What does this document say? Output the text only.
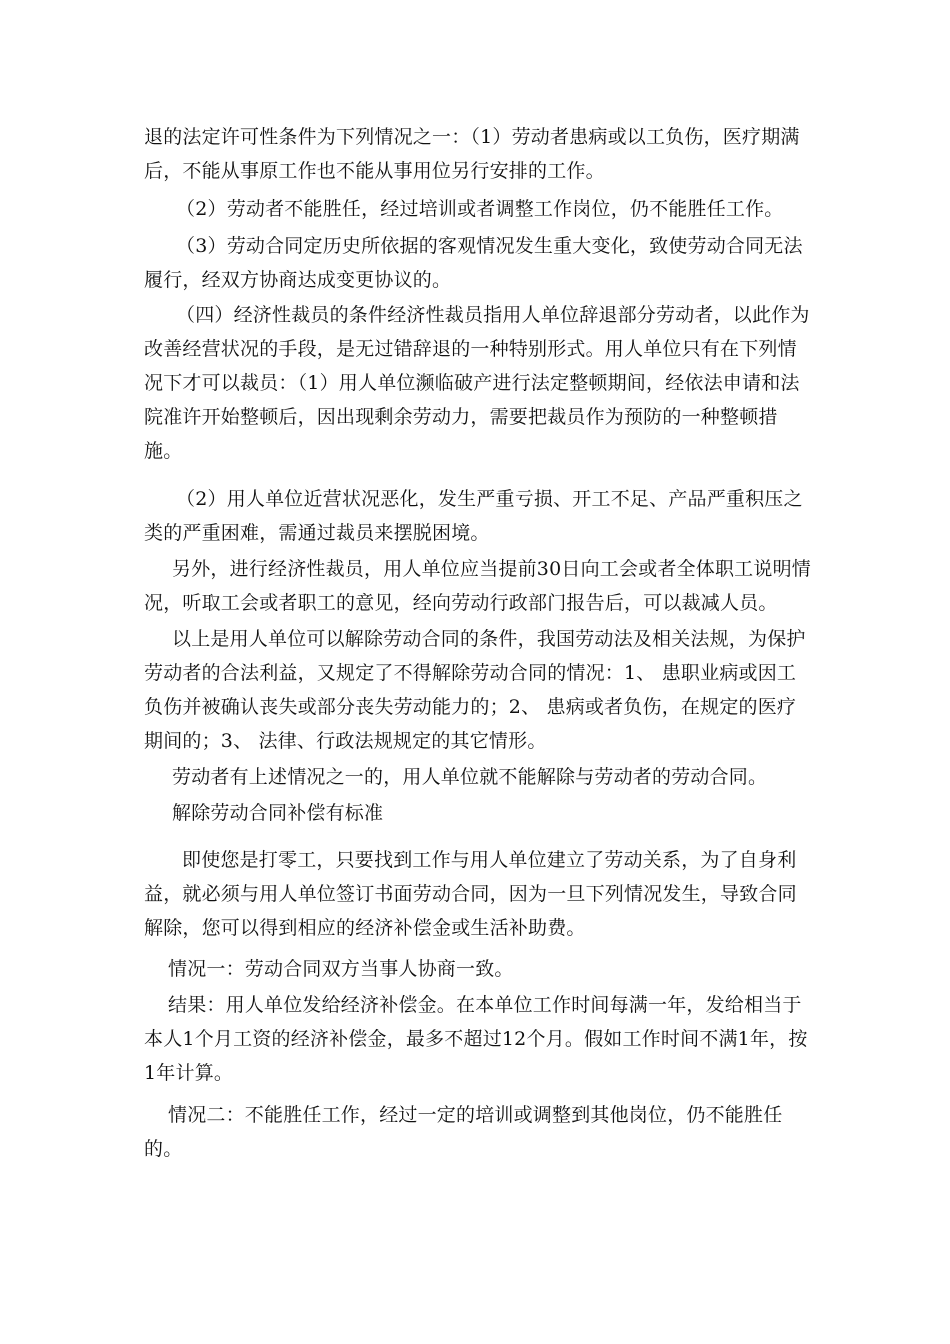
退的法定许可性条件为下列情况之一：（1）劳动者患病或以工负伤，医疗期满后，不能从事原工作也不能从事用位另行安排的工作。

（2）劳动者不能胜任，经过培训或者调整工作岗位，仍不能胜任工作。

（3）劳动合同定历史所依据的客观情况发生重大变化，致使劳动合同无法履行，经双方协商达成变更协议的。

（四）经济性裁员的条件经济性裁员指用人单位辞退部分劳动者，以此作为改善经营状况的手段，是无过错辞退的一种特别形式。用人单位只有在下列情况下才可以裁员：（1）用人单位濒临破产进行法定整顿期间，经依法申请和法院准许开始整顿后，因出现剩余劳动力，需要把裁员作为预防的一种整顿措施。

（2）用人单位近营状况恶化，发生严重亏损、开工不足、产品严重积压之类的严重困难，需通过裁员来摆脱困境。

另外，进行经济性裁员，用人单位应当提前30日向工会或者全体职工说明情况，听取工会或者职工的意见，经向劳动行政部门报告后，可以裁减人员。

以上是用人单位可以解除劳动合同的条件，我国劳动法及相关法规，为保护劳动者的合法利益，又规定了不得解除劳动合同的情况：1、 患职业病或因工负伤并被确认丧失或部分丧失劳动能力的；2、 患病或者负伤，在规定的医疗期间的；3、 法律、行政法规规定的其它情形。

劳动者有上述情况之一的，用人单位就不能解除与劳动者的劳动合同。

解除劳动合同补偿有标准

即使您是打零工，只要找到工作与用人单位建立了劳动关系，为了自身利益，就必须与用人单位签订书面劳动合同，因为一旦下列情况发生，导致合同解除，您可以得到相应的经济补偿金或生活补助费。

情况一：劳动合同双方当事人协商一致。

结果：用人单位发给经济补偿金。在本单位工作时间每满一年，发给相当于本人1个月工资的经济补偿金，最多不超过12个月。假如工作时间不满1年，按1年计算。

情况二：不能胜任工作，经过一定的培训或调整到其他岗位，仍不能胜任的。
